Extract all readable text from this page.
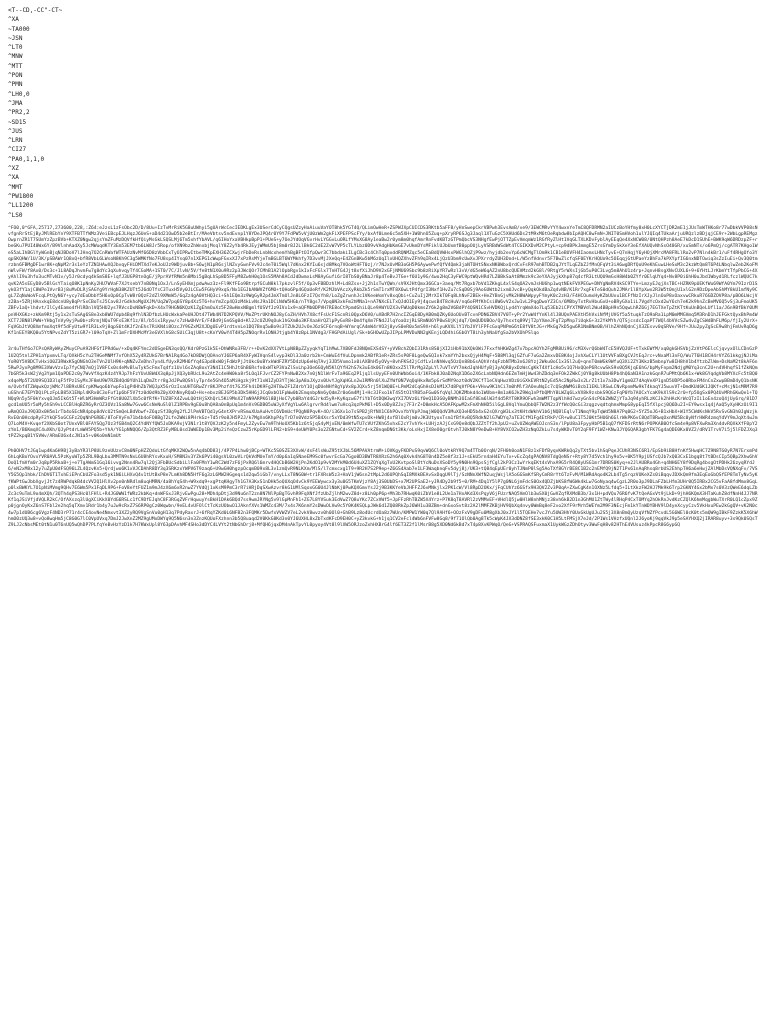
<T--CD,-CC"-CT~
^XA
~TA000
~JSN
^LT0
^MNW
^MTT
^PON
^PMN
^LH0,0
^JMA
^PR2,2
~SD15
^JUS
^LRN
^CI27
^PA0,1,1,0
^XZ
^XA
^MMT
^PW1800
^LL1200
^LS0
^FO0,0^GFA,25717,273600,228,:Z64:eJzsL1zFsObc2D/D/8Uu+IzTvMrRiK5G8uUWhyi5gUArWcCecIEDKLgEx3USerCdCyCQgsUZzyHaAiuuVaYOT8hk5YGT4Q/QLimOwHeR+ZSPWJXpCUICDS3RKtb5aFF8/yHnSwepCkrVBPwh3EvsAmB/ve9/3EWCMRvYYY4wxnYeTmC8QFDRMN2aIUCzBoYHfmy8xH0LcXYCTjDR2mE1jJUsTmWTHKo8r77wDbkVVP08sNvfgnRrStEjByJMlREbYnY9XTFBTTfWMz3VeiEBcpEJLHqzJ6UeS+aD4d21OwD5b2eBtIr/MAeVbtsv5ndEvnp1Y8YDeJPQ4r0Y9Y7FdPW5vVjU0zWm2gkFiXPEFPScFYy/bxAf0Lme6c5m5XH+1W0hnO5Zuq+pXryRP6SJg3Jaql1XTuGzC5XHUd6Ds2tM9xM6tOeRqbdw8bIpAQHC8wFmN+JNIT0SmHVoh1ulYJQIq4TUkaArjuURQzlzBDjqjCE9r+2WbLgpREMgzOwprnZR1T7SUmYzZpzBVb+KTXZ0Ngw2qjsYmZFuMzDQVfkHfQiyMsGkLSQSLMj6Tm5xhfYbAVL/q6IHoYxaVBHkpBpP1+PUeS+y7OeJYdOqVGvrHvLYGGvLuORLfYMxXG8Ay1eaBw2r0ym8m0hqfAmrRnFvdKBTzGTPmQbcVS3NHgfEwPjOTTZpEvVmqmWz1RGfRyZlHt1VqGLTXLKDvFyblAyEEqQe4XxNCW08/0NtQHPzh8AeE7kDcD1SUhE+BWK9qW6DRDzpZF+rbeGKu7PUI40Wx6Y/B9VlnhAadXy5JcMWuqdKTY3Em53EM7tb6LW8Jr5Rop/ofXN9bzZhWnxbjMsqlY8Z2yYb4RkJEyjWMmU5bj8m0r8J2LlBk6C2dE2ZvW7VP5cTLYLbz0D9vVAdgHbKmGE7vUkmDYsMFiklUJbUxmfB0ppOUjLyVSRBdWSdWt4TCGIKXDvM2CPtyL+cp9dBPkJmmgE5ZrsGYmDySkXeY3eEfXAUQvNhSsO48GR/xuSmNTs/o6PmQj/cgATR7KHgo1WeS5aLIhBGlYyWGnBjqNJBDoV7lJHnq7O2CnRWafWTFAUzNvMf66D8zVbbCxTyOIPRwItbeTMKpEXH36ZCXwjrFbDeRsLnbNcxhemYhBgBFtOIfpQwr3C7bbdakiILgCBc3c4ChTq0pxddRQNMZqc5eCEaBdQVWHsxPWGlhQZjP9wz/hyjdb2evYp6cWCMgTlOm9k1CB1eBUVFH4IaomsLHNcTyvE+Q7nHqjY6yHOjXMrcMA8FRLlRo2vP7Nln4kBr1/uFf4RHgOfo3YqpSKQHW/1U/3K/pSBAWr1Q8xQ+bfR8VbL6LWsoN8Kh9C3g5WMKfNo7FU8sp4IYsq07n1XEPG1cWwpFGxxXJ7xPzRsMYjeTmBGLBT6WYMkhfy7D3vvMjJXeQq+E4ZGnBKw5bM6zUqIlxUHQZXhvZFh9qIRx4LjQzU3bm9cUwXvJPXrrdyZUH3Dnd+L/W5nfVdnvr5F7BwZlcfqSF0EYKrHQUo9c5OEqqjGtUPaeYzBhFa7kPXYpfIG6nxNDTOwiq3sZzIuEi+Qv3Q0tmrzbn6FBMgDF1wr8K+qNpM2r3s1eYzTZN1HAwXQJbvqyFHiDMTXd7eKJoUJz9WDjuvBb+S6wjN1pR6sjlNZvyGwnFVv9Jc4eT0i5Wql7dKnx2KYIu6sjd8Mkq7VOoWtHFT0zj/r7NJxUvMB3oGH5P6AywePwfQfV4Qmk3jaNTOHtSNxxNK0WbxQrdCvFsR97mhBTDB2qJYtTLqEZbZJfMnQFqVt3iA6wgDRfQoU9eKhEuwLHeSxM3c2kzWtQm8T6P4LNbqlwZeb2KoFMnWlvFW/f8Ax0/Ds3c+1L8ADqJhvmFw7g8dYc3qXuhvqyTf4CGoMA+1ST0/7C/JlvN/5V/fe8tN1X0u9Rz2p3JWcQOr7CMhB1A2lOpbRgv1kIxFcFGlx7TnHTG4Jjt8xfXiJhD9V2xGFjNMU69Sbc9b8zRiXpYR7wRzl3vV/dG5eW6qAZ2nU8bcQUEVMzd2kG8l/9RtgY5rWXsIjGb5uP0C3Lvg5m8AhU1z4rp+JqnvH8sgXNvCUXL6+9+6YHtLJrKbmYtTfpPbCG+4XyAhlI9u3hfo3ucMTvN1v/y5Jr0cdyq4kSmS8E+lqfJ3UGP8tnOgE/jPprAVfRMm5n8Mbi5gBqLhSp8D5FFyM8ZwhH0q1OsS5MAh8ACdJdDwmxLsM8AyGufi6rI8TbS0yBNaJr8p4TeBvJTGe+f6U1y9G/4wo2HqC3yFWC9ptWQvHRd7LZ0BkSaAt8Mmzk9c3eYXAJyjkXhp87q4cfR3LtUQU9mGsH8W4b0ZYfr0ElqUYq4+Nv8P0i6hH0uJbd1Wbyd1RLfczlWQUC7kqvK2A5sEEyD8v5BlGsYTaiqO8K1pNnKy2HU7WVaF7XJtsebY7nB0Nq1OxJ/LnSyEHXmjpdwAwz3z+Fl9KfFEo9BtrpfGCuN8kl7pkzvlF5f/Op3vFBBDzhlM+Ld8Zsx+Jj2h1sTwYQWn/sV9XJHtQmx36GCa+3aeq/Mt7Rgxb7bVd1ZKkgL4xlS4qOA2vmJsHU6hp1wqtNEkFVXPEGw+DNYgNmRV4kSC9TYe+LmzyEJqjXsTBC+HZRK9pUEKfWu69WfA0Ym79IzrD1SykO3fY1ajC8WPe1VvrB3j8uMvDLRjSAGYg9YrHgN38KZUTt5J6dOTfsC3TuxH5Vy0JLCEw5FGHyV9xqS/Nx1EGJbANWVZf6MO+tQHo6Pp4GQaUeRf/K2MJbVAczXyRkbZk5rSmT1rxMT8X6wLtP4fgrI3Nxf1HvZu7cSqD0Sj9AoGUWtb2ixmUJvcB+yQqkOkdBaZq4vNB/K1Rr7xgFkTeS0dQuh2JMAr1l8YpXwx2R3W5t0mjU1xlG2n9DzDpeAbShMY8kU1mfNy9CgL7ZqNuWoVFcqLPtQyN6Y+ycy7dEoDbbY5H6xOp0CpTvW8r0QzF2dZl9XMmW5/6qZz4gA0VtHQ3ci+Sh1EQm3z9WgGyR2p4JmXTmUlJn8L6FzI7QsYh8/LoZgZrwnhJc1VKeeWsmYv8xqQbi+CuZuIj2MrXIkT0Fq8LhNvF2BEk+HeZYBnGjvMk2H8WAWpyyFYmyK0c2zH3/F4HCOumxHyKZbUUxu1BCFfNzIrXJyJlnOoP8xOaxvwCRkuR76GDZOVP8a/pBO6LWcjVz2Ba+5ZRjHAnxkqE8dcnU8yBqPrSxCBoTsJ5Cav8JrGdkhoMgUXJM/Uq2W7pq6SY8p4Xz5T6+hvYmZcp4Q3zM4kLvNsJ9a1DCiNdW5HGb/nTY8gs7/Vpq0N3xkFm2hMNa1+nA7NXcELTxQJdO1Ey9j4qcwsB4T8cHuV/nq6oFMfKhCsi8W6vV2xJw1vL2PqgDwoYZ3Cn/6MBbyTxtRvHbuGxU+oBRyGXo1iL7VgdYcOxd2wY6ch7eK2k9hnZcBeMV6Q5vSj3uFmoUK5ZBFv1aQ+lhdvt/IlCy4Eamo4fHlRDnlVQ5HU2ys7RVcsDxN8WFqkD+X4xT9HGN6KQzK1ZgEhmOuXz5F28wHmxNBgmlfUSVfJz9IVx1x9+aQFMb0DPVH7RE8oCtPpmdGhiLQLe9AWYU2X3vFWUqD0kmsZY6k2g8m2V6BdPY4QSN1CSvHVDKQjLyd4YrqWmX4o7Lq53Eb2iCPYXTMBVdl2Wu4BBpH9n5QqwLhRZ6Gj7EGTXeTpZtKTtKuUnBQeLUfl1a/J6n9BfBkY0UMpnVHXGKz+zkKm9Rtj5y1x2sTuSAg6S8e3xb8WU7dpb4Bq9fhlN3DfbzLHUcWxkaPeUHJDt47TWb4N7D2KPQVV/MoZPtrUKhNOJ8yCoZH/HVh7X8cfFsUcF1ScnRi0QpxD6V0/uXBdR7H2ncIZGqE8DyAB0mQZKy6UoOUvBTcvnPDN6ZBV47V0T+yPr2YwW4fYnKl4lJ8UQnPAEXtH5hVxiNfMjUVGf5a5tuqkTzO9aRa1LpM0mMMGVmq5M3RnD1hJEFGktQyxBhPm4WXCT7JBN8lPWW+YHbgTnVy9yjPw0b+zRrmjNQuT9FsE3Kf1z/8l/b5ix1Ryyw/s7zHwUHVrE/F4Bd9jGn6Sg0d+Kl2JcUZU9qOuk1hGXm8o3KFXaaHrQZlpPyGxR8+Dm4fqXm7FNdJJlqYoaOzjRLSRmNU6YP0wSUjKjdqT/QmQUDUBOo/Qy7hsxtq89VjT2pYXmeJFgT2pMnp7iUqkG+3z2YkMYh/QTSjcsdcIqaPT7WQl4bVVcSZw4vZgCSWdBhFLM6p/fjIy2UrX+FqVGbJtVQ8XmfmoXqt9f5dFyUtw9Y1R3Lx9j8qpS6t4KJf2nEhs7RiKN4i8OzcJY9GZxM2XJDgUEvP1rdtvnLe1DQ7Bnq5wBo9s3TZUk2UJvOeJ6zSCF6rnqB+WYmrqCA4mW4rVO3j8yvS0eR0x5mS9X+h6lyuKVXLlY1YbJVYlFPFcGxqPNPmG6tE8fV8tJG+rMkGg7kD5gw6R1NmBNm0B/HlhZAhNQdnCjX3ZEsvv0qSRVe/9Hf+JUu2pyZgScE9w8hjFmUvRqD6gKf1nEEY8KQ0u5YtNPvsZdYT5ziGR7+l09oTqV+Zl1mFrDXHMcMY3eGVXlhG8cSUiC3qjU8t+cKnYV0wY4T4H5pZNOqrRv1ONHJtjgb4Y8zBpL1NVdg3/FHGPdAiUgl/Sk+bGHOwUZpJIPpLPMVDuNN2gKEnjLQD4hiGGbOYT8ih3yhNaUfgSa2bVXOhPSlqo
3r4uTHf6o7CPsQARyWAyZMuyCPuA92HFGfIPRd6w/+xDq4KFYmc2dOSgeEN3qsQQ/Kdr0PzG1k5E+DhWNRo3FB/r++DvK2dXX7VtLpN8BpZZyyqkYqT1hMwL7XB0FdJ8NQmEXS4SY+yVVBchZQbI31Rhs8S0jXI2iHb91bXQkOWi7FxxfhHKWZg47x7bpcAOYh2FgMR8Ui96/cM3XvrQ6bW4TcE5HVQJUF+tTxkEWfM/xq0gkGHSVbjZzVtP6ElcCjqvyxOlLCDnGzP1U2Q5tnlZPH1aYpxmvLTq/OXkH5cYu2THGeMNMf7vfOhX52y4RZUkG7BrNA1Rq4Go7kD8DWjQOAnoYJ6EP6aR4XFyWIVqnS4lvyp3kDl3Ja0zrb2k+CmWuE4fVuLDpnmk2ABfR1eR+ZRs5sP0F8LgeQwSQIxk7xmYYh2bxxQjyH4MqF+5B8Ml3qjGZfuF7uGa2ZmxvDE8K4ojJxhXwCLYl1UtVVFaBXgCVJtEqJrc+vNxaMl3nFQ/Wu7T6H1BCH4rVYZ61kkgjNJiMaYoR0Y5V8DCTvHxiO0Z3RWxKSgONGhO3eTVn2UlH9K+qNNZvZeDhn7yn4LfUyxR2MH6fYq4G3pd8xW0jFdWzPjJtUkc0oBYxkWdFZRY5D4zUp6eHqTAvj3JD5Vxmo1x0iAXBhH5yOVy+8vhFKS42jCdfLv1nNhWvq5OzQn88bGsAQhVr4qFzbNTMb3n6J8Yzj2Wku0oC1x3Sl2uQ+qnnT0mWGk9WfuQ3Xi2ZY3KkzB5mbnpYw8IH8hV1b4YtzbZlWm+DsNaM2t8kAF6n5RwPJyxPg8M9E3XWvVzvIp7fyCNQ7mQj1V8FCx0s4eMvBlwTyk5cFmxTq4fz1Uvl6sZAq8oxY3N4I1C5HhJt6hB6Rsfn0xWTkP3VaZlSvLhp3Oe6GQyN5KlQYfH2hS7k3uE4k0GTn8KOxxZ5lTRrMg3ZpLYl7uVTsVY7mkdJqhHUfyBj3yAQR0yxDzWsCgKkT4Xf1cHo5v1Q7HxQQeP6RcvwSkS9x0Q5KjqE6hG/bpMyFnpm2NdjgM0Yq3cnC2U+n4VHhqfS1fZkNQm7bGR5k3sW2jVg3Ypm1QaPDE2c0y7WvVfXqzK4z4Y9Jp7hFzYUvU8WdX3q8pJjXQ3ybRUcL9u2AtZc4eHW0ka8r5LOq1FJvrCZ2FYPnNwB2Xx7n0jN1lWrFvTa96Eq2P1jq1lsUyyEFn0UhWbb6oi4/1KFbk8J0aD2NqX1D6o2X6cLnbNQHdn6EZmTmHjWw43hZDdq3eFOk2ZWkCj0Y8g8kUUbH8Pb4hQ6aN3A1nzkGqnR7uPMtQb6K1x+Wk8GYqdgVb8MYXcFc5tBQ0x4qeMp5T2UU9SQ1D3lqF5fPz1SyMsJF8mU9W7RZB4Qd0YUh1LqDmZtrr8gJdJPw8QShlyTpr4e5Gh4O5aMiHgzkj9t71xW1ZyD3YTjWc3pA8aJXyzx0UvYJgXqHGLn2w1RMRn0lXuZYWf0N7VqQqHkxRm5pGrSdMY9ozt0dV2KCfT1eCVqHwzVDz0iGXkEVRtN2yEd5Ac2NpRw3s2LrZ1t1x7a3DwY1gm0Z7dAqVeXP1gnD5UDP5o0RbxFM4nCnZxwpBBmD4yQ1bsNKm/Ovbf4TZWqwkQzjWMc7l8B9xU8CrpKMwqo6bYwpFo1gP4HhZb7WQJpX5GrOzIsaUHT6RwZYr8KJPhzf4t7GJ5Fh4iDK9Fg2HT8w2F1ZdrbY1OjqDUeNHf8gYpVx8pJQXv5rj5V1WQ0E+LPmM2dCqGhHsDJkM1X7d8PqVfP6k+VHvw9K1hCi7m0hMlf3AOeuNqIc7cQSqNWM6iBcbI1EKLlRSwLCNvRpnmMw9kT4kaqYJ5wuvVT+DmdKUd6K1JQKf+cMsjN1sMRM7R9uGShnE7EPYDQiPLzFpLB85X1ENpl4KRx0C3oFuf1p6bF5V7tz0d0d9bZ0yXXhNnyRQaD+Hs+ebvz8EJGP5b3Dk5HH6jJCq0xbO1FpWw0b2EmqnbpNn6yQdmZr0o6m4Mj1+Hc3JFxo1kT4S5tO1YRB5aFGw0SfqVqlJQKZMbkd4o1WUbm+8m1aK6JkZ9Wq1nPfbQMhY8LWZq6LxVX8k9zsbkS9QGzFqP0Yb7AOCxYcaK9kXlS9c2r0+fp5UgSx0PQ4UvMRhGKwQe1+TQNQq9n5y5F0kYxvqOJm5Ik6t5T+WlbM3HmWRzFfGt0U0ZlXb5c0fRfK+TUZ8FX4ZvwLQ0tHjSXhQrL5Ki9MnX2TmN9ARPK6l8BjHoC7yb0RaYd4GJrkd5yR+KyKqzwG7fiYbT6tDQW3wqYXI7DVz6Lf0eQ1D3G0yBNMh3OIaGf8Em6lW3f4d5RYT8KR9OFwh3mWMTTqpNlhHd7wzyGnS4cP6bZWNZjYTaJq94yhRLzKCJk2hHAcKrWcQTzIi1oEn4zoQ4jUy6rq/81D7gcd1mUU5r5oMy5hSh9vLCCBlHqBZR6yRrOZ3OVz1Sa8Nw7Gvw6CsNeNuSl0lZ1RPBv9gE0u8hQA8a0nBpUq1m4nVs9GDB05uWJyXfVgYLw6AlgrvrRd4lwm7uHcq3qzPkM6l+D5x0Dy8ZJxj7F3rZ+D8mkHcA5OAFKpwM2xFmXhNHD5ilGgL8VqlYmuQbbQF7W2N2z3YfWcQ0cGi3zqgzvqdtqhmxMmpG8ypEqI5fXlpcj0Q6Du2I+EY9wsx1q4jAaQ5yXyHKzOi9I1wRmQO3xJ9Q3Dx0H5m1rTb4oSEcNR4pbp8dVcU2tSmQeLBdVbwf+Z6qzSfJBg9g2fL2lPmVBTQd1yG4ntXPrvRSmuXUaAuHvtC6VDmUcfPQgN8PqvK+4O/i36Xv1o7sSPB2jRfNX1C6hPOvxYbYVpPJmqjW0QQdV3MuXQ3eHD5b4xG2sQXrgW3Lx3tKHtdWkhV1b6jNQBlEqlvT1NmqY9pTqWd5N8A7Pq0G2+5YZ5oJ6+B1xHbX+W1Y5CWdKsNkV5RvSvGN3h0JgWzjkRvE0n0HcdpRyF2YkQF5oGCGFz2QqNhPGRBE/8ToFVyFm71b4b4oFO8BgT2Lfe2WWi8PHrkGz+Td5r9o8JH5P2J/k7MgXn6KhpP4yTrD7n0VdzSP5B4Xsr5xYDd39tN5xpvDk+HW8j4xfBlOxRjm0vJK3UtyoxTsm1fBfAvBQ5RdkN2lG7WDYq7aTE3CfM1Fg4EtRkP/CR+w8uC1T5J0Kt5HU6h6GlrWkPK6vC8QdT8RwqOxnMU5Bc0yNfrHWR4zmqYdVY9mJqXt4wJmQ7LoM4V+Kvqef2XKbS0ot7UnxVBl0FAYSQg7Oz3fGB4mQ2C4YdNYfQW5JxDKA9xjV3N1r1t8YQVJzK2y5n4FmyL2ZyvEw7m9ThHoUX5Kb1z6tSjqS4yMjxEN/0mWfwTU7cVUfZKhG5xhxE2cY7vhYk+LUHjzAJjCsG9Qe8dQbJZZtTf2hJpU2+uZvUZWqAWEOJcnS3n/lPpU8a3FpyyHbP5B1qQ7fKFDSrRtN6rPOPKAB0OfcSm4e9p8VFXwRm3Xn4dvRQXkXfF0pY2zYm1/B6KmqXC4uXKh/QJyPtdrLmWH5PQ5b+YhA/YG1pNNQQ6/Zp3QtRZ3FyMBL0sd1WWEDp1Bv3Mp2iYeQzCzwZ5rKpGD9lLFN2+bS9+4eUWY0Ps3o2ZGNtwCd+SV2ZCr4+kZ8nqmDN6t3Kk/oLsHxjIX8eO0gr6tvhTJ0kN8Y9eDwB+HY8VXCO2wZH3zNqOZkLu7s4yWKDvT0Y2qF9FY1WZ+KNw3JYQGQAR3gbYFK7Gg4aQDE0Kx0VZ2/dRV1TrvV7i5j5lFDZJXq3tPZ2kpqB1YSVWv/ARmEU6x4cJN1a5+v0Ko0mN1mUt
Ph0OHV7tJGq1wp4Ka6H9Bj3yBaYR3lP8UL9zeUUzvC8m0NFpHZZQdoLtGfqMKX2WQw5nAq4bDD83j/4P7P4Lhw0jBCp+WTKc5S0SZE3XXvW/dsF4lsWuZ95tXJbL56MPAVAtrmM+iOVKgyFKDPuS9qvWQ6Cl0oVtkRY9Q7m4TTb0OrqN/2FH0h0oaN1F8z1xFDfByqvKWRkQq2yTXt5bv1hSqPqeJCUhR3NSC6R1/EpSb9iB8HfnKf5HwqHC7Z9N8TG0yR7N7ErxmPd6hLqKBoYOvxYVR0AVL5PzKyuWTp5ZRL9BqLbu3MMTN9sNxL6U8hRYsvKxuH/SM8N3v3YZk6PVi40gsVL0zwVLrQkVdMUeTmY/d0p6a1qSNaeEM9Sc0fwvrEcGa7Ggo0D3BWTR8XRzG2h6Aq0Xvk4hG8T0n4DZ5e8f3z1J+sEkU5rn4aH4EYuTx+vEcZq4gPAQNV8TdgQeNSr+Rty8Y7d5Vch1hy9o5v+0K5Y9pjUSfcQJb7xQ03CxE1bgq8t7tBDsCIp5QBp2Xhw6hVDoQ1fmVfm0rJq8pP5RkaB+j+e7TgAWmS1Gq16ivvg2Nnn4Rw7ql2Qj3FbBUcSdbiLlFa0FMnY1wRC2Wd7zF6jPxRQ6l6mrv4HQCbB6W2HjPn2KdO1p9vV2MYkM0d6U4uXZ1ZQYqXgTxU2KvtpoSlBtYcNuDsXSoDY5y9N0Hn9QpsSjfCgl2kP3Cz1wYrkqEKt4sVhxA9G5rR4Q8yUSG1mr7DRBS0Kyq+e2JlAUBRo4Gh+q4NH6EY8f9DqRg4bsgOtPDHk26zyqRYdJ6/eN2xM8x12y7uZpU0dFSQ96LZL4QzvKn5+Qrdjwo6K1xVJCDAhR8DY3q3SRKzxYWPV6T9zaq6+U9wGH0hgzpOcqmB09x8L3v1zmQvR9NLKXm/MlS/l7cmxcxg1T9+9R2H7S2P9ep+Z6GS4Aab7e1LF3WaqbnqFv5dyj8j/UK3+tQ84qEpUEr0yhTJNmP0lSg5AoTXf8GYrBE8C1B2c2nEMfQ9jN2T1Px61nAqRhsq8rbUS2EhhpTH6a6eHwjZAlMbDsVQNXqFv/7VSY5G5Qp1hbk/IhDV6T1TxhEiEPnCbUZFo3sd5yk1N6iLHXvQ4v1tUtBxP8e7LmKh8DN5HfF6g3zL6MW2HGgeqs1d2qw5iGb7/vnyLLxT8NG0W+tr1FXRsW5z3+HaV1jW6sn2tMpL2d6UPQhSqI8MXkBEAvSxDqgU9lTj/SzNNnXWfN2uqjWsjlA5oGGSmKfSRyCmR8rYt6TzFvM/M1WRdAqo4K2Lb4Tg5rqzVUKeXZs0iBqqvJDXkQm9fm3EqEoGbQSfEP8TmTyNv5yKfKWPtGwJbbXgvjJt7z4RWPdqkB4dcVV2Q1HlXv2pn0nNRdlm8uqHMRN/4a8hYqS4h+W9xdq9+xgPtqKHgyTh1G7A3KxS1nDHk5oQUXqO4vCk9YEEWywcx3y3u0G5TKmVjzY8Aj3S0UbDS+x7M2UPSaE2+yJR4Dy2b9f5+0/RM+4Dq1Y5lP7g0NL6jmFdcS0Ox4QDZjbKS8fW6Wk4kLw7GoNyaq4wCgzL2R0o3pJ9DLaFZbLHfm3UHr0Q5IRBx2CG5vFaA8fdMmx8GqLp0lxBWKYL7O1pNiMVmg9QHv7E6Wm5Px1FqDL9P6+FoV8eYtFUZ1m9mJ4zX6m6xR2nwZ7YVdQj1xKsM9PmC3rR7iHRjDqSXwAzvr8kG1UMlSqoxGG0U4JlNbKj0PwKQXGmvYsJ2j9B3KKYeVbJHFFZJ6vMNkjlx2PK1cW/Vl8RpD2OKx/jFqCUhYz6GSfx9H3QV2Zv3P0qA+ZXwCgK4n1OXNz5Lfdq5+ILtXkzFW2HJ7Mk9k6Trp2GKNY4Gx2bMx7s0V3zQWeE6dqLZbZc3c9uTmL9o4mXQh/3QTh4qPS3Hc0lFHlL+R4JG0WW1fWRz2kbKq+dnWFGxJ3RjvEwPgu28+MDh4pDtj3d9Nu6nT2zn8N7NlPpBgTGvhR9FqXNfJfzUbZjlhM2wvZ8d+z8Lh0pP6p+Mh3b7RHwqK0iZbV1e8L2Ue1a7HxAKd3XsPqyV6jFUzrNAQ5VmOlb3wSX0jGwVZqfRXMdB3b/3x1H+pdVQu76R6fvK7tQeAGxVt9jLkD+9jhH6KQmX3HTaKuhZ8dfNnH4JJ7NRKf1qJSiVfjdVQLR2kC/OfAXszq3lUgXCiKkX0YdG6RSLc1fC9DfEJqhC8F3RGqZVFrHqwuyYsBkH1DAk6BQd7ss9wmJRYNg5v9lGpMnFh1+ZG7L8YVSuk3EdVwZ7Q8uYKc7ZCxVWf5+JpFFzRhTBZW5X4Yrz+P7K8qT8AVRl2zVMMvEF+VHdlQ5jw0HlW8nhMNjz38vh6kB2D1n3GhMU1ZtTWy4lRHqP4CxTOMYq2hOkRnJvdKzCZQlK6hmMqgbWuTXrR0LQ1cZpx9Zp0jgnOyKxZ6nS7Fbl2e2hq5qTXmv1Rdr1b4y7uJw9cRxZ7S6RP0gCz0Wqwbn/9eEL4vUFOlCtTcKzUObwO1JAknfXVs1WMZc43M/7x4s7K6nmY2sDWwOLVw9c5Y0K4KSQLpJWk6d1ZQ08RkZpJ6WH1u3BZBm+dnGxoSvt8z2A2lMMFZKBjHV9QbXq4nvy0WmBq8eF2vo2XfF9rMrh5WEYm2M9F3NEcjFm1kYTnWDYBHV9lD4yeXcyyCzv5VkHxuPEw2kGgQV+vK2N0c4w7p1dUB6cg6VgzF4ND3rP71r4cCE4ovNe4Nmxvt3XZ2yRQ9VgSnVu0gH13q7PdyRaxrJ+6fRqYZKd0L6NFB2n3FQMKr5DwfxVVWZV7eL2vkV8wvzv0h0Ol0+GhB9Lz8o4UcrdOa8z7WUn/KMPW1YW0q7Ql9AHf6+OOzFxV9gDFu0M8gXbJ0xJY1l5TQEHe7vcJYu5UW3HhY0UxGkUgUJu2S5j3X8nBmQyUzqVfNZfPcvdL5G6WEl0cK0ts5mQW9gIBkF9ZzkK5X6hWhmO0zUQ3w8+vQo8wqHm5jC8G0G7lC0VpUVxq7DmJ2JwXnZ2MZ9gUMxDWYq9Q5N6sn3n3ZnzKQUoFXzhnn3b5Q8uaqd2V0KkG8Kd3n0YJ6UXHL8xZbTxdKFcD9EH0C+yZ3kvkG+h1jq1CV2eFcl4Wb6nFVFw8Gq8/9f71OlQb0Ag8Tk5cWpK4JX3dDNZ8fSE3xkK0C1H5LtFMSjX7eJd/2P1Ws1VHzfxUQnl2J6yoKj9qqVkJ9p5eSAYHXQ2jIRAR8uyv+3s9Qk0SQsTZ9LJ2cNbsMEt0tN1u0T6nUQ5wQhDP7PLfqYeBvHzYzD1k7H7KWxUpl8Y63pDAvhMF4SHo3dDYC4LVYt2tNbGhDrj8+MfQH6jqxDM4nAkTpvYL0pyoy4Vt8l9lXW5ORJzoZxhHXBrG4lf6ET3Z2f1lMsrB8g5XD0Nd6kBd7xT4p8XvKPWqO/QeG+VSPRAQSFuxmaX1UykWGzZDhOtyv3WwFqH8v82HThE4VUsuz4kPpcR8G6ypGQ
